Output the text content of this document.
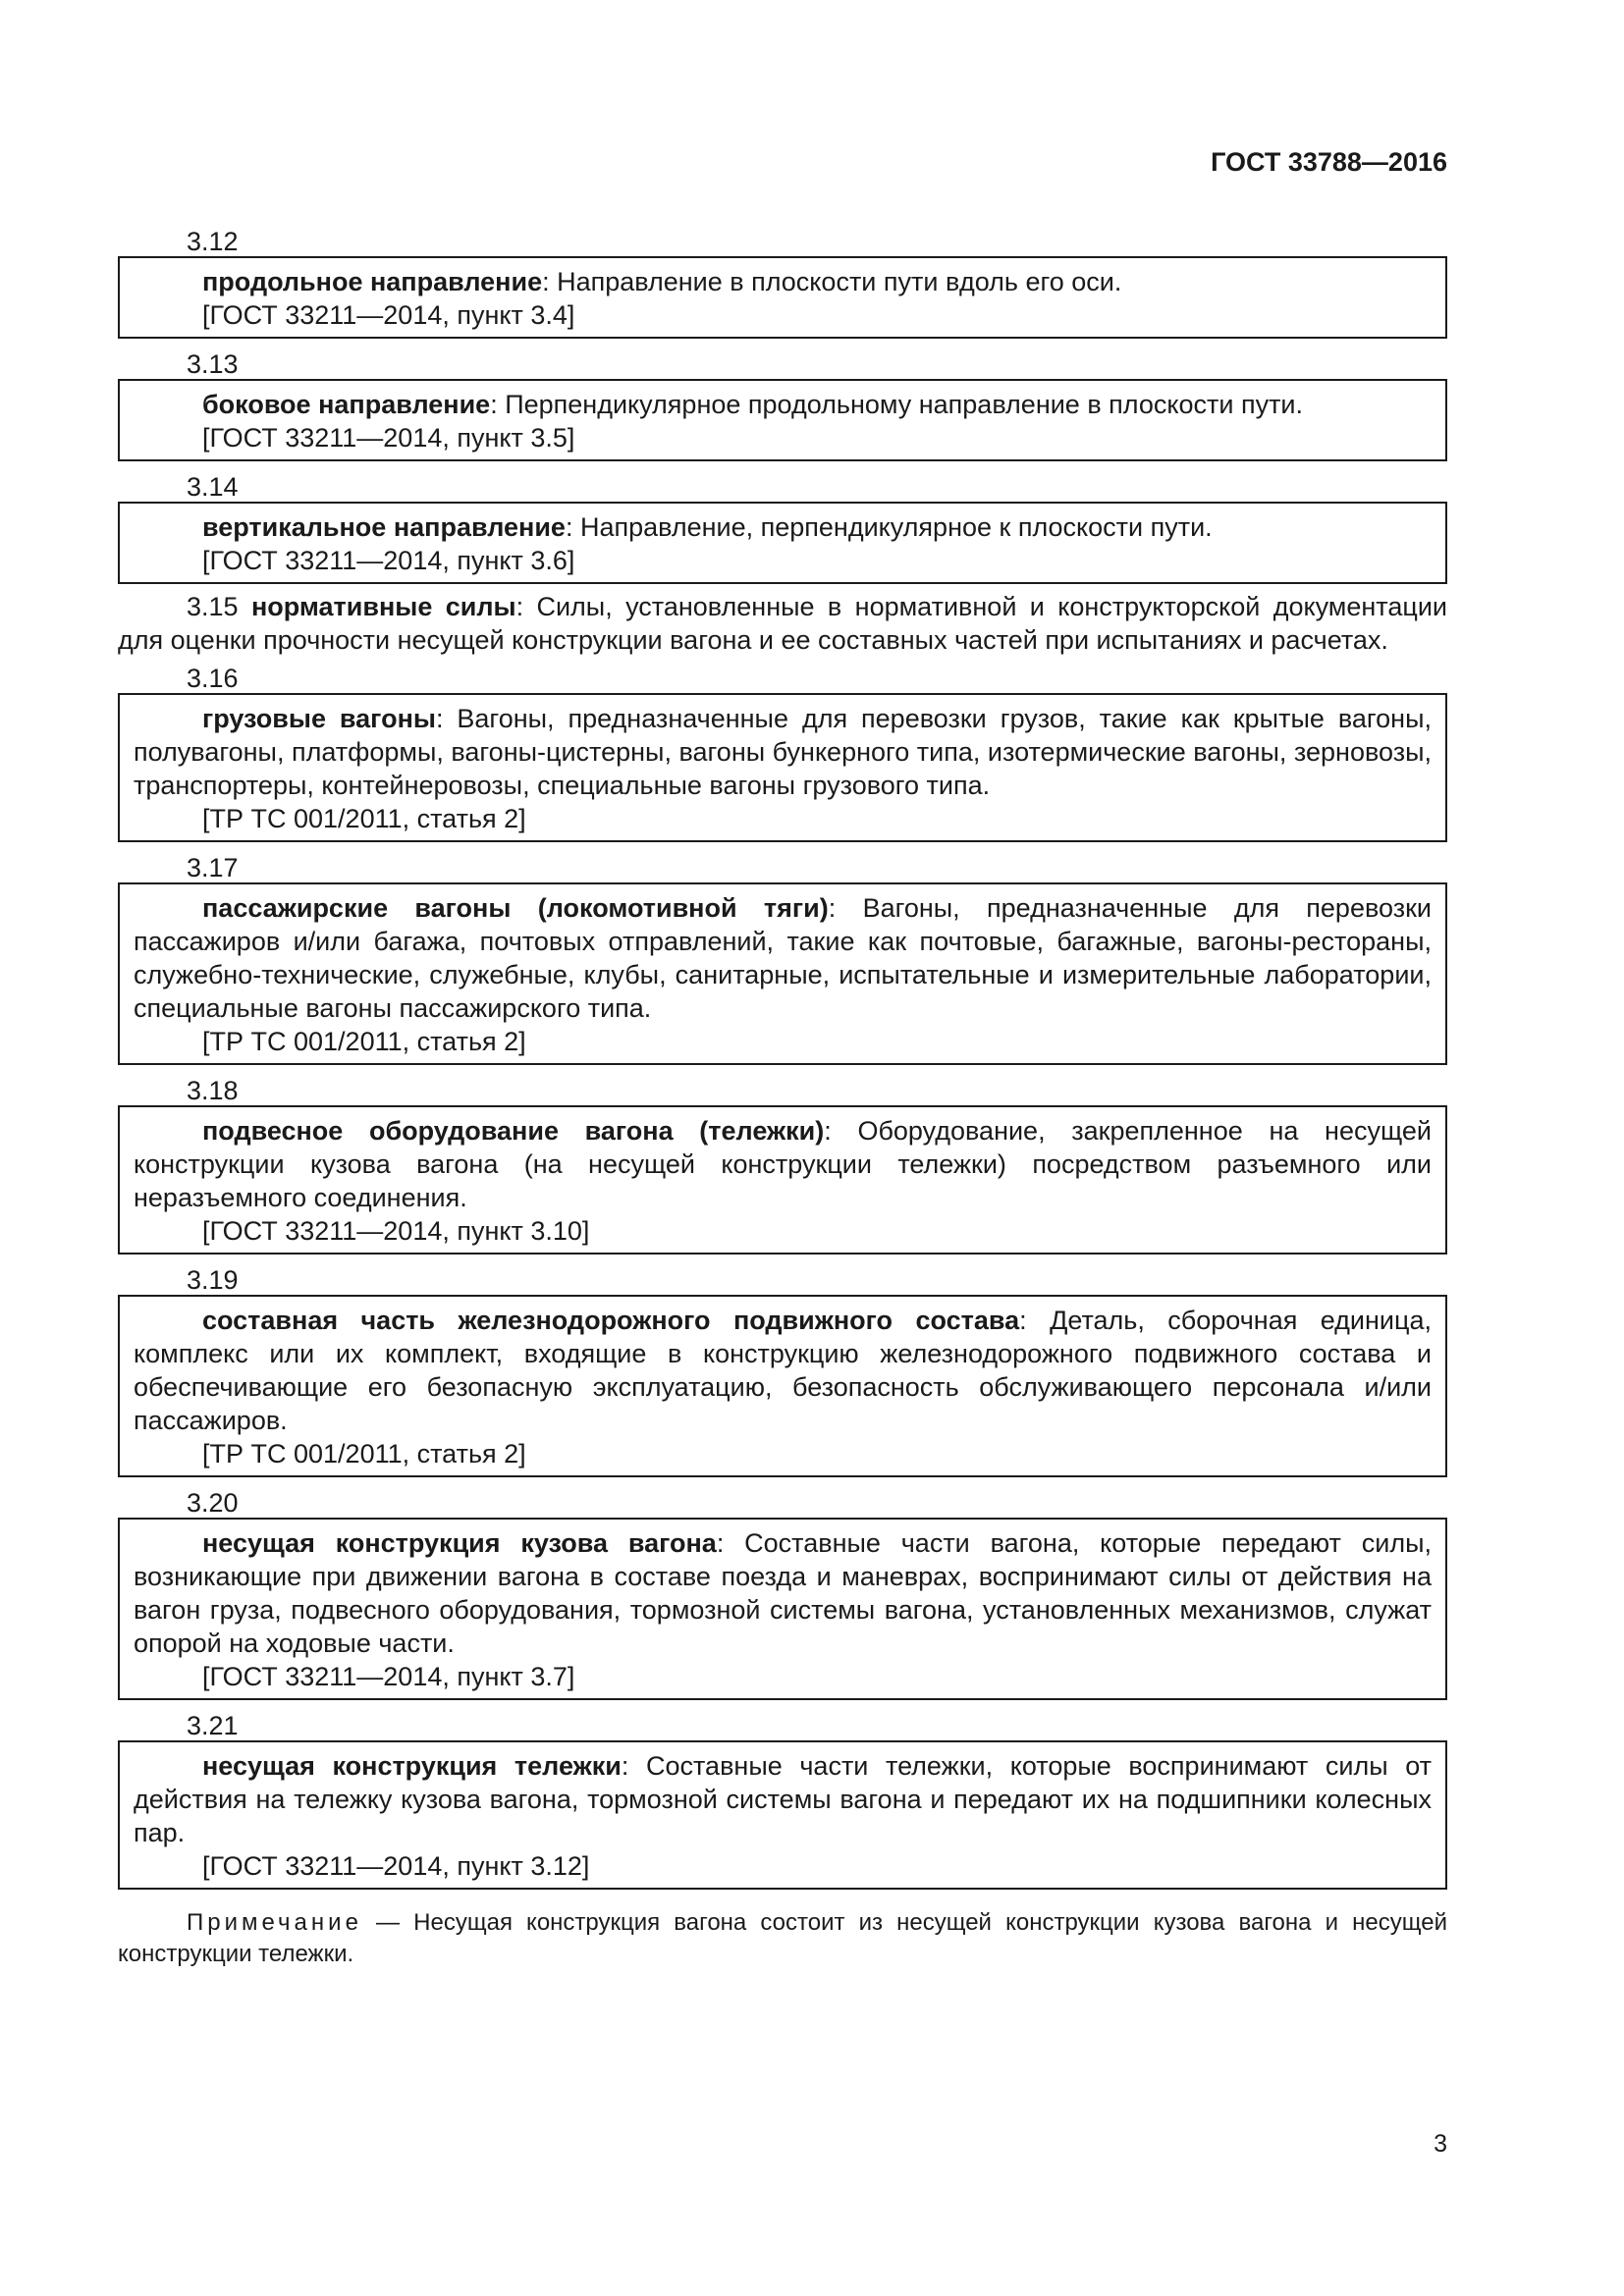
ГОСТ 33788—2016
3.12

продольное направление: Направление в плоскости пути вдоль его оси.

[ГОСТ 33211—2014, пункт 3.4]

3.13

боковое направление: Перпендикулярное продольному направление в плоскости пути.

[ГОСТ 33211—2014, пункт 3.5]

3.14

вертикальное направление: Направление, перпендикулярное к плоскости пути.

[ГОСТ 33211—2014, пункт 3.6]

3.15 нормативные силы: Силы, установленные в нормативной и конструкторской документации для оценки прочности несущей конструкции вагона и ее составных частей при испытаниях и расчетах.

3.16

грузовые вагоны: Вагоны, предназначенные для перевозки грузов, такие как крытые вагоны, полувагоны, платформы, вагоны-цистерны, вагоны бункерного типа, изотермические вагоны, зерновозы, транспортеры, контейнеровозы, специальные вагоны грузового типа.

[ТР ТС 001/2011, статья 2]

3.17

пассажирские вагоны (локомотивной тяги): Вагоны, предназначенные для перевозки пассажиров и/или багажа, почтовых отправлений, такие как почтовые, багажные, вагоны-рестораны, служебно-технические, служебные, клубы, санитарные, испытательные и измерительные лаборатории, специальные вагоны пассажирского типа.

[ТР ТС 001/2011, статья 2]

3.18

подвесное оборудование вагона (тележки): Оборудование, закрепленное на несущей конструкции кузова вагона (на несущей конструкции тележки) посредством разъемного или неразъемного соединения.

[ГОСТ 33211—2014, пункт 3.10]

3.19

составная часть железнодорожного подвижного состава: Деталь, сборочная единица, комплекс или их комплект, входящие в конструкцию железнодорожного подвижного состава и обеспечивающие его безопасную эксплуатацию, безопасность обслуживающего персонала и/или пассажиров.

[ТР ТС 001/2011, статья 2]

3.20

несущая конструкция кузова вагона: Составные части вагона, которые передают силы, возникающие при движении вагона в составе поезда и маневрах, воспринимают силы от действия на вагон груза, подвесного оборудования, тормозной системы вагона, установленных механизмов, служат опорой на ходовые части.

[ГОСТ 33211—2014, пункт 3.7]

3.21

несущая конструкция тележки: Составные части тележки, которые воспринимают силы от действия на тележку кузова вагона, тормозной системы вагона и передают их на подшипники колесных пар.

[ГОСТ 33211—2014, пункт 3.12]

Примечание — Несущая конструкция вагона состоит из несущей конструкции кузова вагона и несущей конструкции тележки.

3
